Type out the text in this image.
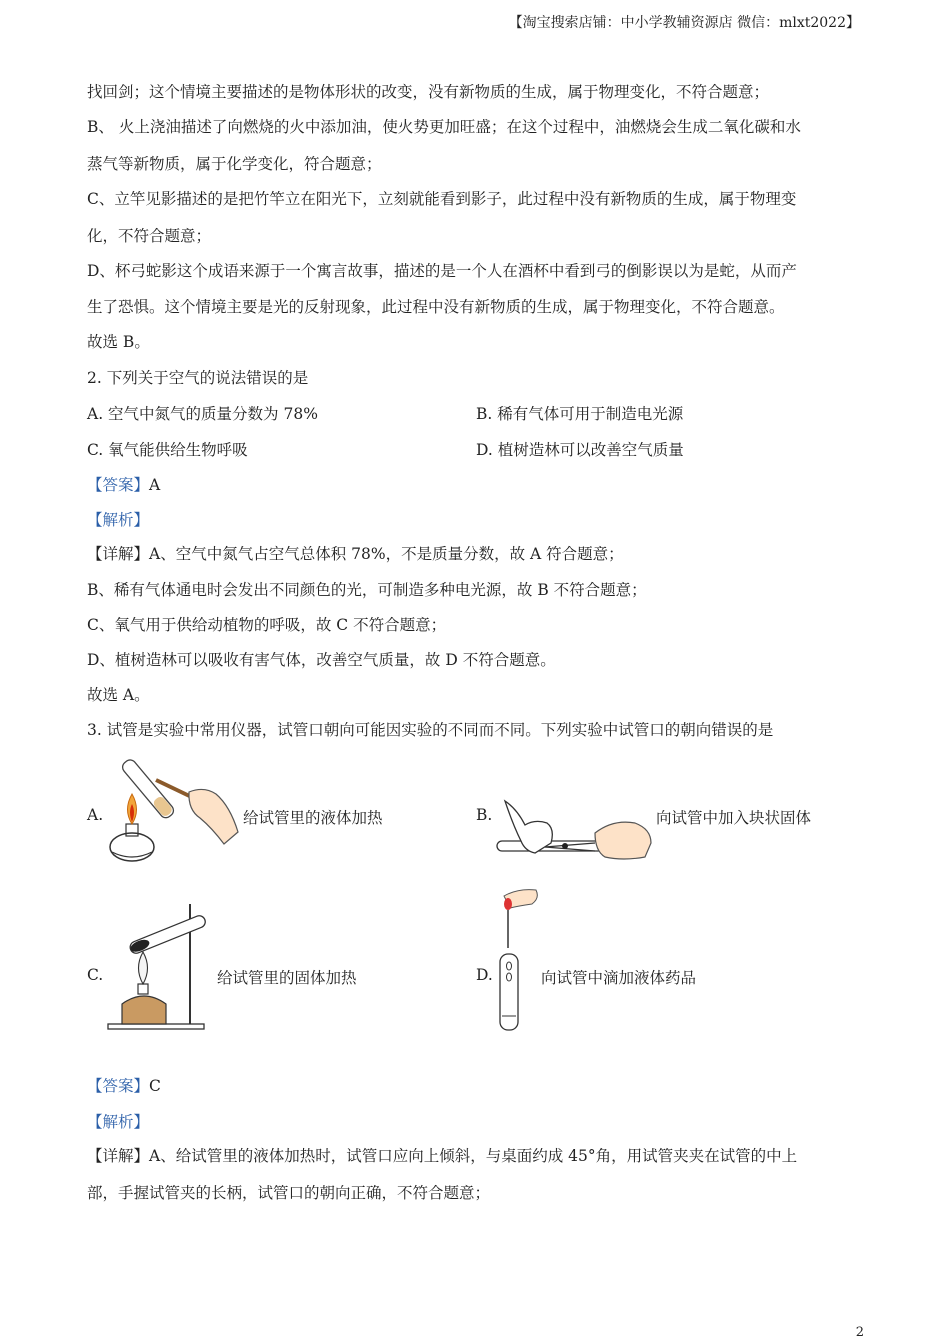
【淘宝搜索店铺：中小学教辅资源店 微信：mlxt2022】
找回剑；这个情境主要描述的是物体形状的改变，没有新物质的生成，属于物理变化，不符合题意；
B、 火上浇油描述了向燃烧的火中添加油，使火势更加旺盛；在这个过程中，油燃烧会生成二氧化碳和水
蒸气等新物质，属于化学变化，符合题意；
C、立竿见影描述的是把竹竿立在阳光下，立刻就能看到影子，此过程中没有新物质的生成，属于物理变
化，不符合题意；
D、杯弓蛇影这个成语来源于一个寓言故事，描述的是一个人在酒杯中看到弓的倒影误以为是蛇，从而产
生了恐惧。这个情境主要是光的反射现象，此过程中没有新物质的生成，属于物理变化，不符合题意。
故选 B。
2. 下列关于空气的说法错误的是
A. 空气中氮气的质量分数为 78%	B. 稀有气体可用于制造电光源
C. 氧气能供给生物呼吸	D. 植树造林可以改善空气质量
【答案】A
【解析】
【详解】A、空气中氮气占空气总体积 78%，不是质量分数，故 A 符合题意；
B、稀有气体通电时会发出不同颜色的光，可制造多种电光源，故 B 不符合题意；
C、氧气用于供给动植物的呼吸，故 C 不符合题意；
D、植树造林可以吸收有害气体，改善空气质量，故 D 不符合题意。
故选 A。
3. 试管是实验中常用仪器，试管口朝向可能因实验的不同而不同。下列实验中试管口的朝向错误的是
A.	给试管里的液体加热	B.	向试管中加入块状固体
C.	给试管里的固体加热	D.	向试管中滴加液体药品
【答案】C
【解析】
【详解】A、给试管里的液体加热时，试管口应向上倾斜，与桌面约成 45°角，用试管夹夹在试管的中上
部，手握试管夹的长柄，试管口的朝向正确，不符合题意；
2
